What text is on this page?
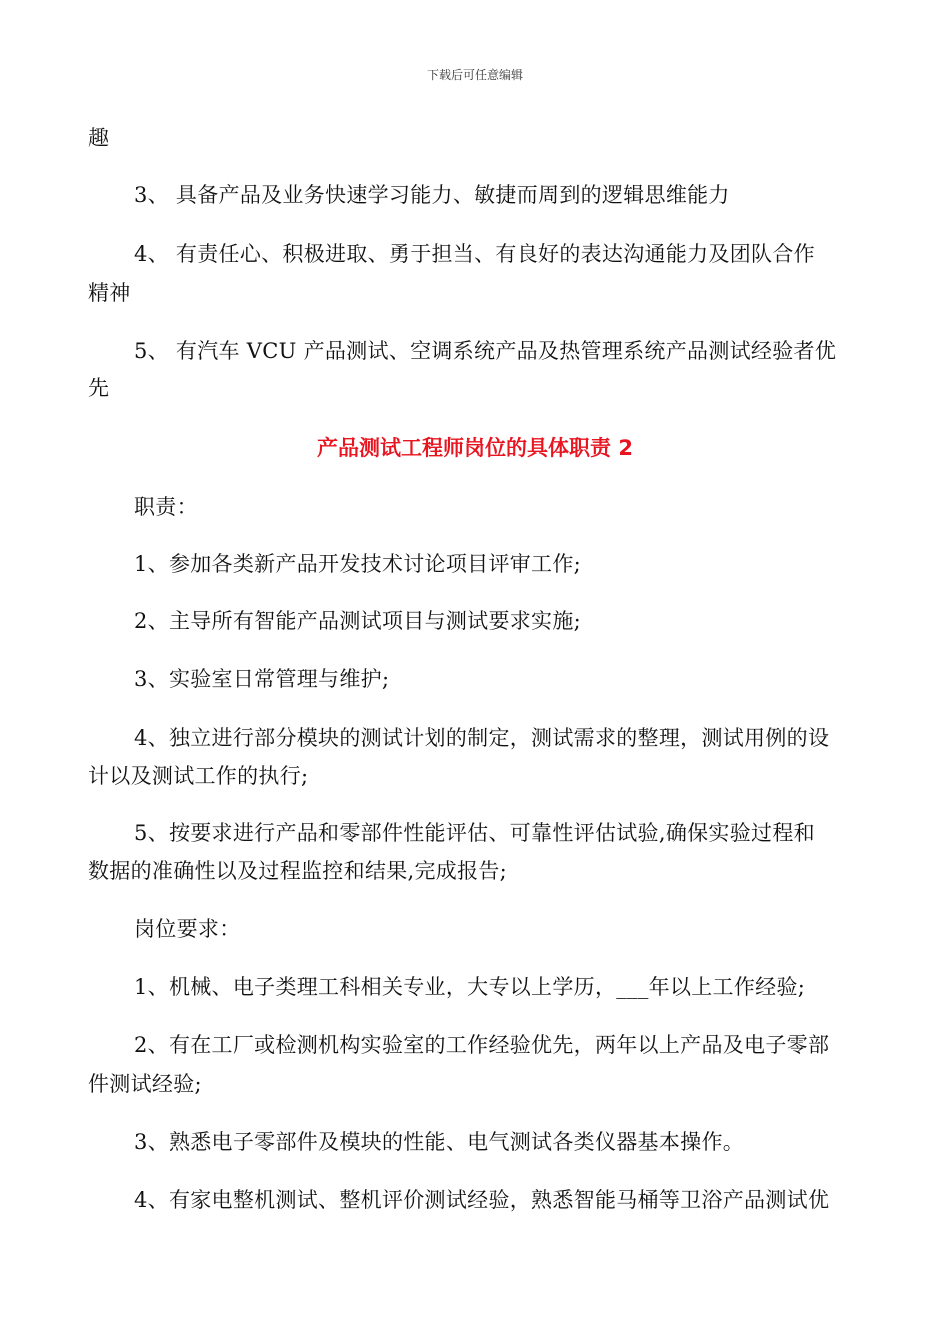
下载后可任意编辑
趣
3、 具备产品及业务快速学习能力、敏捷而周到的逻辑思维能力
4、 有责任心、积极进取、勇于担当、有良好的表达沟通能力及团队合作
精神
5、 有汽车 VCU 产品测试、空调系统产品及热管理系统产品测试经验者优
先
产品测试工程师岗位的具体职责 2
职责：
1、参加各类新产品开发技术讨论项目评审工作;
2、主导所有智能产品测试项目与测试要求实施;
3、实验室日常管理与维护;
4、独立进行部分模块的测试计划的制定，测试需求的整理，测试用例的设
计以及测试工作的执行;
5、按要求进行产品和零部件性能评估、可靠性评估试验,确保实验过程和
数据的准确性以及过程监控和结果,完成报告;
岗位要求：
1、机械、电子类理工科相关专业，大专以上学历，___年以上工作经验;
2、有在工厂或检测机构实验室的工作经验优先，两年以上产品及电子零部
件测试经验;
3、熟悉电子零部件及模块的性能、电气测试各类仪器基本操作。
4、有家电整机测试、整机评价测试经验，熟悉智能马桶等卫浴产品测试优
